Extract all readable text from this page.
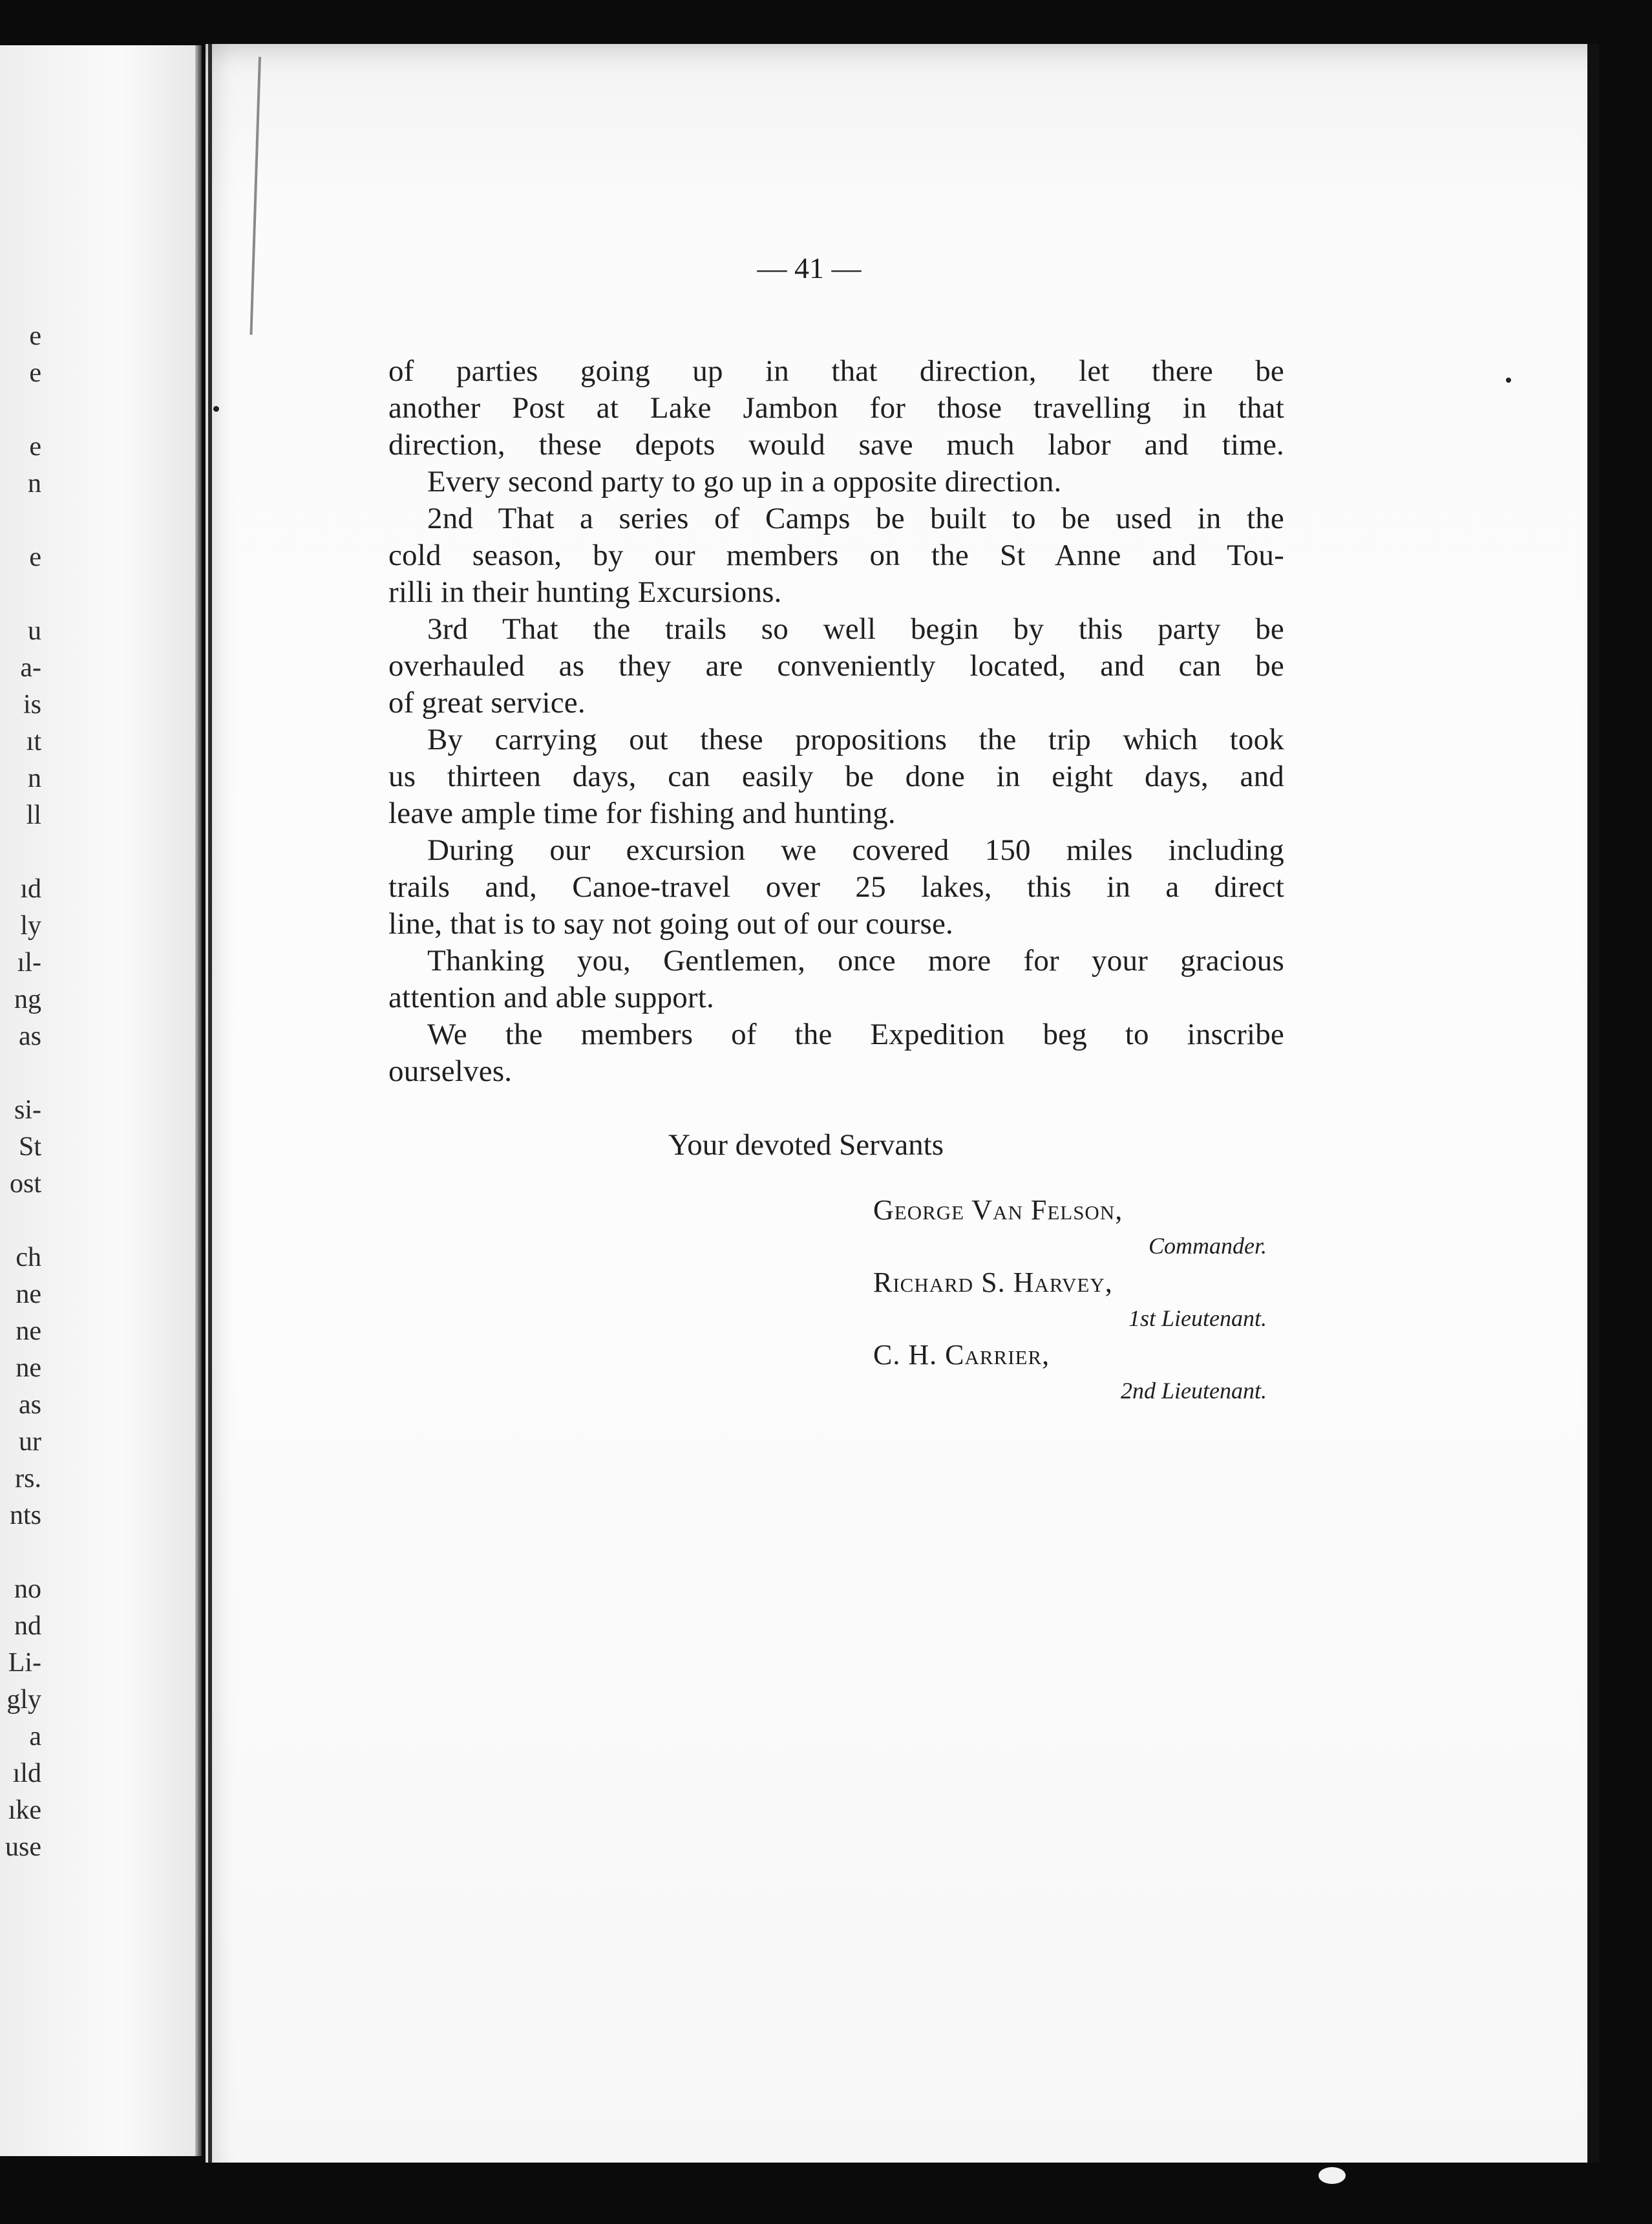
e
e
e
n
e
u
a-
is
ıt
n
ll
ıd
ly
ıl-
ng
as
si-
St
ost
ch
ne
ne
ne
as
ur
rs.
nts
no
nd
Li-
gly
a
ıld
ıke
use
— 41 —
of parties going up in that direction, let there be
another Post at Lake Jambon for those travelling in that
direction, these depots would save much labor and time.
Every second party to go up in a opposite direction.
2nd That a series of Camps be built to be used in the
cold season, by our members on the St Anne and Tou-
rilli in their hunting Excursions.
3rd That the trails so well begin by this party be
overhauled as they are conveniently located, and can be
of great service.
By carrying out these propositions the trip which took
us thirteen days, can easily be done in eight days, and
leave ample time for fishing and hunting.
During our excursion we covered 150 miles including
trails and, Canoe-travel over 25 lakes, this in a direct
line, that is to say not going out of our course.
Thanking you, Gentlemen, once more for your gracious
attention and able support.
We the members of the Expedition beg to inscribe
ourselves.
Your devoted Servants
George Van Felson,
Commander.
Richard S. Harvey,
1st Lieutenant.
C. H. Carrier,
2nd Lieutenant.
